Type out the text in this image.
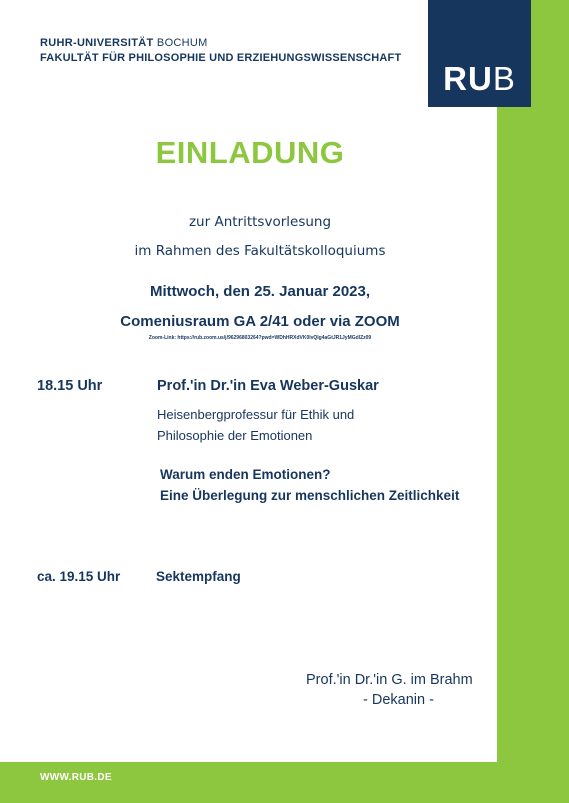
RUB
RUHR-UNIVERSITÄT BOCHUM
FAKULTÄT FÜR PHILOSOPHIE UND ERZIEHUNGSWISSENSCHAFT
EINLADUNG
zur Antrittsvorlesung
im Rahmen des Fakultätskolloquiums
Mittwoch, den 25. Januar 2023,
Comeniusraum GA 2/41 oder via ZOOM
Zoom-Link: https://rub.zoom.us/j/96296803264?pwd=WDhHRXdVK0lvQlg4aGtJR1JyMGdlZz09
18.15 Uhr	Prof.'in Dr.'in Eva Weber-Guskar
Heisenbergprofessur für Ethik und
Philosophie der Emotionen
Warum enden Emotionen?
Eine Überlegung zur menschlichen Zeitlichkeit
ca. 19.15 Uhr	Sektempfang
Prof.'in Dr.'in G. im Brahm
- Dekanin -
WWW.RUB.DE
